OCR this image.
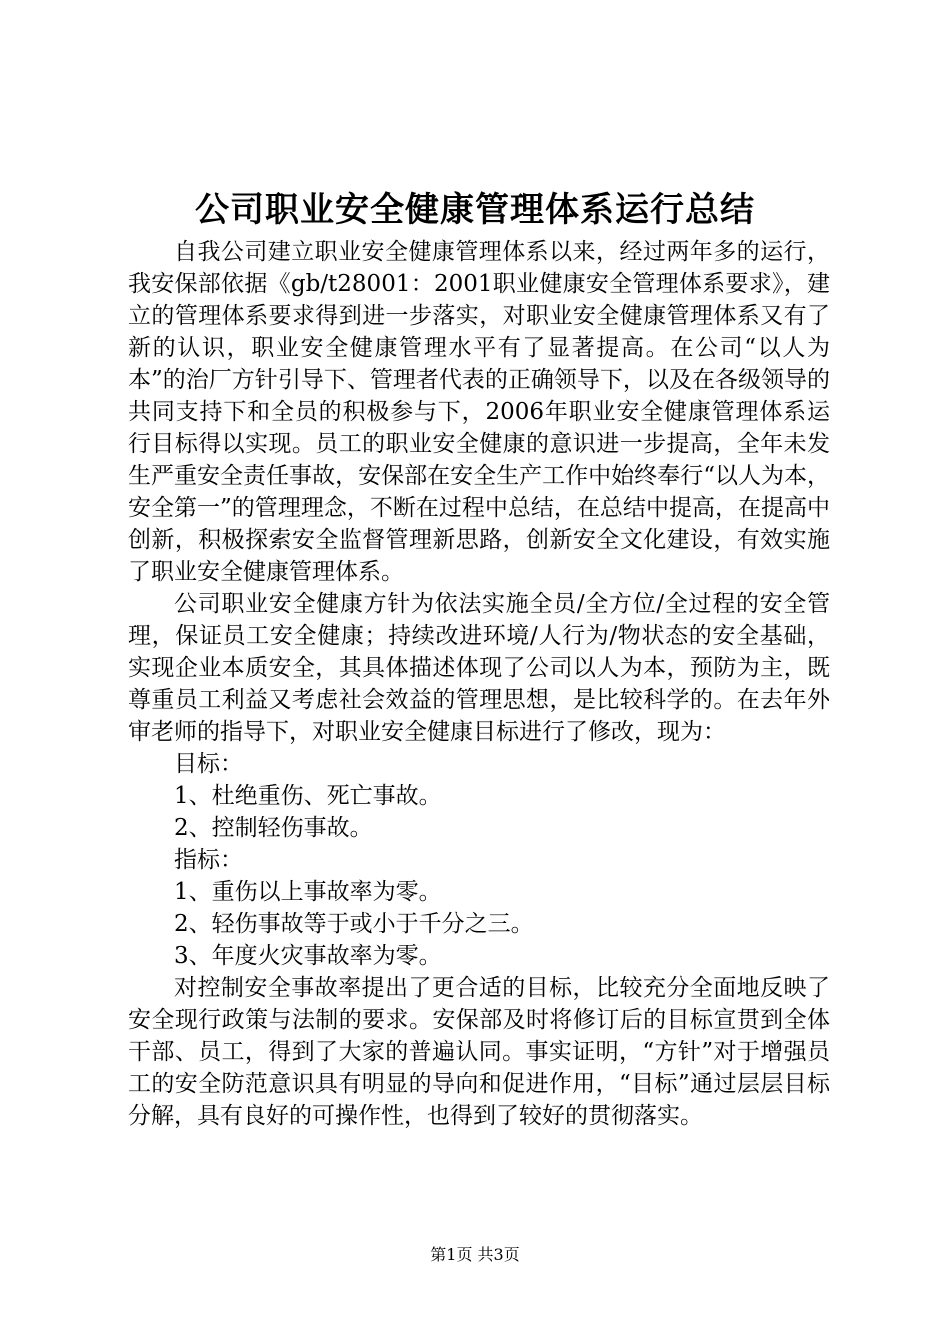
公司职业安全健康管理体系运行总结

自我公司建立职业安全健康管理体系以来，经过两年多的运行，我安保部依据《gb/t28001：2001职业健康安全管理体系要求》，建立的管理体系要求得到进一步落实，对职业安全健康管理体系又有了新的认识，职业安全健康管理水平有了显著提高。在公司“以人为本”的治厂方针引导下、管理者代表的正确领导下，以及在各级领导的共同支持下和全员的积极参与下，2006年职业安全健康管理体系运行目标得以实现。员工的职业安全健康的意识进一步提高，全年未发生严重安全责任事故，安保部在安全生产工作中始终奉行“以人为本，安全第一”的管理理念，不断在过程中总结，在总结中提高，在提高中创新，积极探索安全监督管理新思路，创新安全文化建设，有效实施了职业安全健康管理体系。

公司职业安全健康方针为依法实施全员/全方位/全过程的安全管理，保证员工安全健康；持续改进环境/人行为/物状态的安全基础，实现企业本质安全，其具体描述体现了公司以人为本，预防为主，既尊重员工利益又考虑社会效益的管理思想，是比较科学的。在去年外审老师的指导下，对职业安全健康目标进行了修改，现为：

目标：

1、杜绝重伤、死亡事故。

2、控制轻伤事故。

指标：

1、重伤以上事故率为零。

2、轻伤事故等于或小于千分之三。

3、年度火灾事故率为零。

对控制安全事故率提出了更合适的目标，比较充分全面地反映了安全现行政策与法制的要求。安保部及时将修订后的目标宣贯到全体干部、员工，得到了大家的普遍认同。事实证明，“方针”对于增强员工的安全防范意识具有明显的导向和促进作用，“目标”通过层层目标分解，具有良好的可操作性，也得到了较好的贯彻落实。

第1页 共3页
